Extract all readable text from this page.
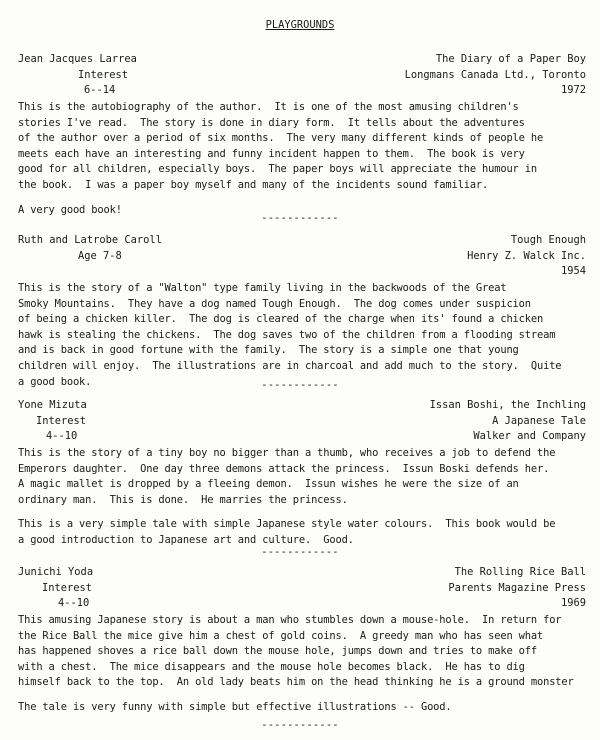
PLAYGROUNDS
Jean Jacques Larrea
Interest
6--14
The Diary of a Paper Boy
Longmans Canada Ltd., Toronto
1972
This is the autobiography of the author.  It is one of the most amusing children's
stories I've read.  The story is done in diary form.  It tells about the adventures
of the author over a period of six months.  The very many different kinds of people he
meets each have an interesting and funny incident happen to them.  The book is very
good for all children, especially boys.  The paper boys will appreciate the humour in
the book.  I was a paper boy myself and many of the incidents sound familiar.
A very good book!
------------
Ruth and Latrobe Caroll
Age 7-8
Tough Enough
Henry Z. Walck Inc.
1954
This is the story of a "Walton" type family living in the backwoods of the Great
Smoky Mountains.  They have a dog named Tough Enough.  The dog comes under suspicion
of being a chicken killer.  The dog is cleared of the charge when its' found a chicken
hawk is stealing the chickens.  The dog saves two of the children from a flooding stream
and is back in good fortune with the family.  The story is a simple one that young
children will enjoy.  The illustrations are in charcoal and add much to the story.  Quite
a good book.	------------
Yone Mizuta
Interest
4--10
Issan Boshi, the Inchling
A Japanese Tale
Walker and Company
This is the story of a tiny boy no bigger than a thumb, who receives a job to defend the
Emperors daughter.  One day three demons attack the princess.  Issun Boski defends her.
A magic mallet is dropped by a fleeing demon.  Issun wishes he were the size of an
ordinary man.  This is done.  He marries the princess.
This is a very simple tale with simple Japanese style water colours.  This book would be
a good introduction to Japanese art and culture.  Good.
------------
Junichi Yoda
Interest
4--10
The Rolling Rice Ball
Parents Magazine Press
1969
This amusing Japanese story is about a man who stumbles down a mouse-hole.  In return for
the Rice Ball the mice give him a chest of gold coins.  A greedy man who has seen what
has happened shoves a rice ball down the mouse hole, jumps down and tries to make off
with a chest.  The mice disappears and the mouse hole becomes black.  He has to dig
himself back to the top.  An old lady beats him on the head thinking he is a ground monster
The tale is very funny with simple but effective illustrations -- Good.
------------
